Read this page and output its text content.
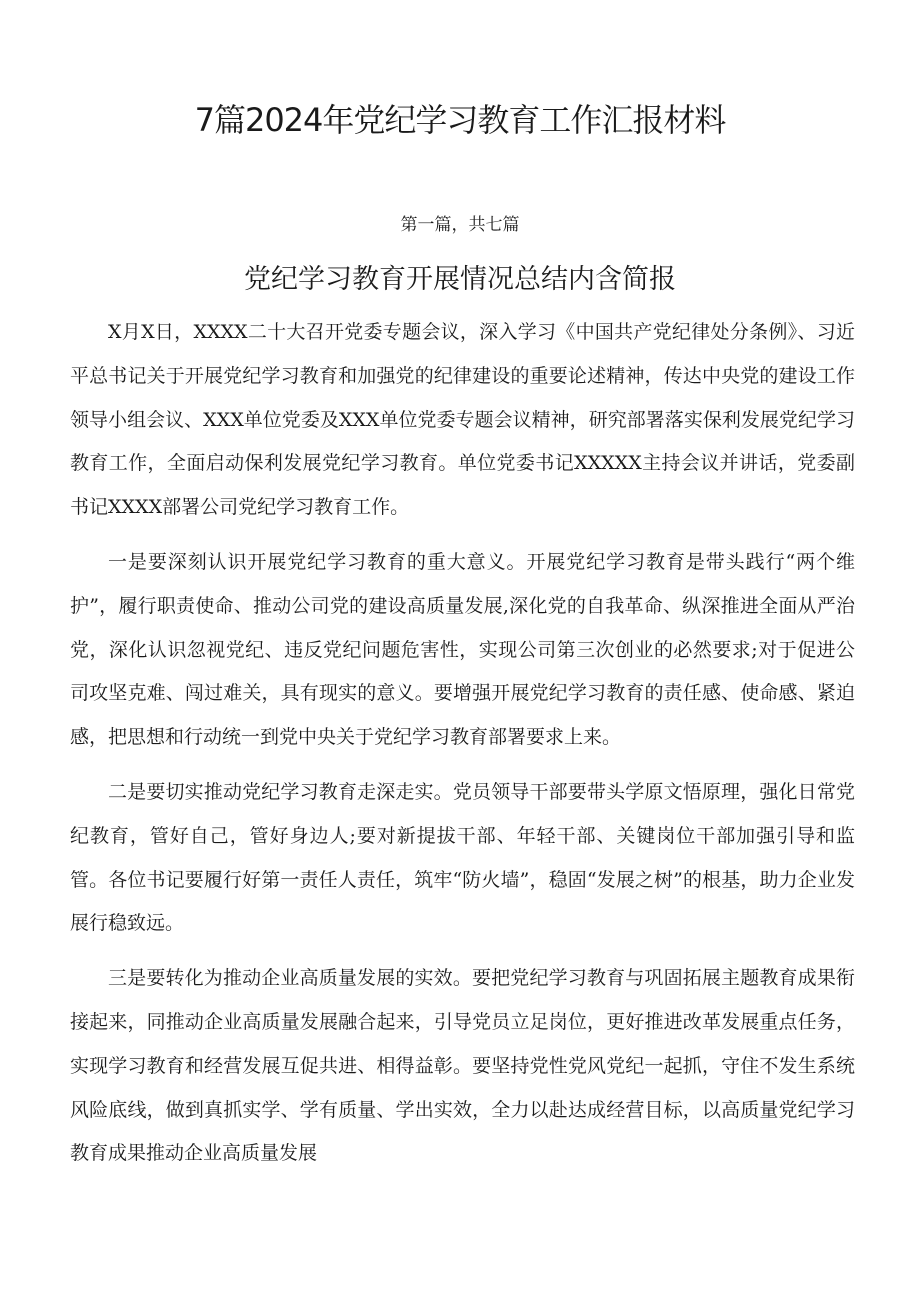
7篇2024年党纪学习教育工作汇报材料
第一篇，共七篇
党纪学习教育开展情况总结内含简报

X月X日，XXXX二十大召开党委专题会议，深入学习《中国共产党纪律处分条例》、习近平总书记关于开展党纪学习教育和加强党的纪律建设的重要论述精神，传达中央党的建设工作领导小组会议、XXX单位党委及XXX单位党委专题会议精神，研究部署落实保利发展党纪学习教育工作，全面启动保利发展党纪学习教育。单位党委书记XXXXX主持会议并讲话，党委副书记XXXX部署公司党纪学习教育工作。

一是要深刻认识开展党纪学习教育的重大意义。开展党纪学习教育是带头践行“两个维护”，履行职责使命、推动公司党的建设高质量发展,深化党的自我革命、纵深推进全面从严治党，深化认识忽视党纪、违反党纪问题危害性，实现公司第三次创业的必然要求;对于促进公司攻坚克难、闯过难关，具有现实的意义。要增强开展党纪学习教育的责任感、使命感、紧迫感，把思想和行动统一到党中央关于党纪学习教育部署要求上来。

二是要切实推动党纪学习教育走深走实。党员领导干部要带头学原文悟原理，强化日常党纪教育，管好自己，管好身边人;要对新提拔干部、年轻干部、关键岗位干部加强引导和监管。各位书记要履行好第一责任人责任，筑牢“防火墙”，稳固“发展之树”的根基，助力企业发展行稳致远。

三是要转化为推动企业高质量发展的实效。要把党纪学习教育与巩固拓展主题教育成果衔接起来，同推动企业高质量发展融合起来，引导党员立足岗位，更好推进改革发展重点任务，实现学习教育和经营发展互促共进、相得益彰。要坚持党性党风党纪一起抓，守住不发生系统风险底线，做到真抓实学、学有质量、学出实效，全力以赴达成经营目标，以高质量党纪学习教育成果推动企业高质量发展
